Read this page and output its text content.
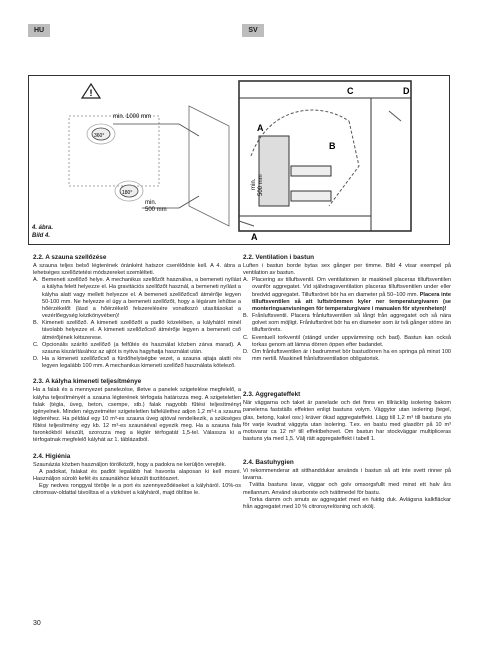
HU	SV
!
min. 1000 mm
min.
500 mm
360°
180°
min. 500 mm
A
A
B
C	D
4. ábra.
Bild 4.
2.2. A szauna szellőzése

A szauna teljes belső légterének óránként hatszor cserélődnie kell. A 4. ábra a lehetséges szellőztetési módszereket szemlélteti.

A. Bemeneti szellőző helye. A mechanikus szellőzőt használva, a bemeneti nyílást a kályha felett helyezze el. Ha gravitációs szellőzőt használ, a bemeneti nyílást a kályha alatt vagy mellett helyezze el. A bemeneti szellőzőcső átmérője legyen 50-100 mm. Ne helyezze el úgy a bemeneti szellőzőt, hogy a légáram lehűtse a hőérzékelőt (lásd a hőérzékelő felszerelésére vonatkozó utasításokat a vezérlőegység kézikönyvében)!
B. Kimeneti szellőző. A kimeneti szellőzőt a padló közelében, a kályhától minél távolabb helyezze el. A kimeneti szellőzőcső átmérője legyen a bemeneti cső átmérőjének kétszerese.
C. Opcionális szárító szellőző (a felfűtés és használat közben zárva marad). A szauna kiszárításához az ajtót is nyitva hagyhatja használat után.
D. Ha a kimeneti szellőzőcső a fürdőhelyiségbe vezet, a szauna ajtaja alatti rés legyen legalább 100 mm. A mechanikus kimeneti szellőző használata kötelező.
2.3. A kályha kimeneti teljesítménye

Ha a falak és a mennyezet panelezése, illetve a panelek szigetelése megfelelő, a kályha teljesítményét a szauna légterének térfogata határozza meg. A szigeteletlen falak (tégla, üveg, beton, csempe, stb.) falak nagyobb fűtési teljesítményt igényelnek. Minden négyzetméter szigeteletlen falfelülethez adjon 1,2 m³-t a szauna légteréhez. Ha például egy 10 m³-es szauna üveg ajtóval rendelkezik, a szükséges fűtési teljesítmény egy kb. 12 m³-es szaunáéval egyezik meg. Ha a szauna fala faronkókból készült, szorozza meg a légtér térfogatát 1,5-tel. Válassza ki a térfogatnak megfelelő kályhát az 1. táblázatból.

2.4. Higiénia

Szaunázás közben használjon törölközőt, hogy a padokra ne kerüljön verejték.

A padokat, falakat és padlót legalább hat havonta alaposan ki kell mosni. Használjon súroló kefét és szaunákhoz készült tisztítószert.

Egy nedves ronggyal törölje le a port és szennyeződéseket a kályháról. 10%-os citromsav-oldattal távolítsa el a vízkövet a kályháról, majd öblítse le.

2.2. Ventilation i bastun

Luften i bastun borde bytas sex gånger per timme. Bild 4 visar exempel på ventilation av bastun.

A. Placering av tilluftsventil. Om ventilationen är maskinell placeras tilluftsventilen ovanför aggregatet. Vid självdragsventilation placeras tilluftsventilen under eller bredvid aggregatet. Tilluftsröret bör ha en diameter på 50–100 mm. Placera inte tilluftsventilen så att luftströmmen kyler ner temperaturgivaren (se monteringsanvisningen för temperaturgivare i manualen för styrenheten)!
B. Frånluftsventil. Placera frånluftsventilen så långt från aggregatet och så nära golvet som möjligt. Frånluftsröret bör ha en diameter som är två gånger större än tilluftsrörets.
C. Eventuell torkventil (stängd under uppvärmning och bad). Bastun kan också torkas genom att lämna dörren öppen efter badandet.
D. Om frånluftsventilen är i badrummet bör bastudörren ha en springa på minst 100 mm nertill. Maskinell frånluftsventilation obligatorisk.
2.3. Aggregateffekt

När väggarna och taket är panelade och det finns en tillräcklig isolering bakom panelerna fastställs effekten enligt bastuns volym. Väggytor utan isolering (tegel, glas, betong, kakel osv.) kräver ökad aggregateffekt. Lägg till 1,2 m³ till bastuns yta för varje kvadrat väggyta utan isolering. T.ex. en bastu med glasdörr på 10 m³ motsvarar ca 12 m³ till effektbehovet. Om bastun har stockväggar multipliceras bastuns yta med 1,5. Välj rätt aggregateffekt i tabell 1.

2.4. Bastuhygien

Vi rekommenderar att sitthanddukar används i bastun så att inte svett rinner på lavarna.

Tvätta bastuns lavar, väggar och golv omsorgsfullt med minst ett halv års mellanrum. Använd skurborste och tvättmedel för bastu.

Torka damm och smuts av aggregatet med en fuktig duk. Avlägsna kalkfläckar från aggregatet med 10 % citronsyrelösning och skölj.

30
